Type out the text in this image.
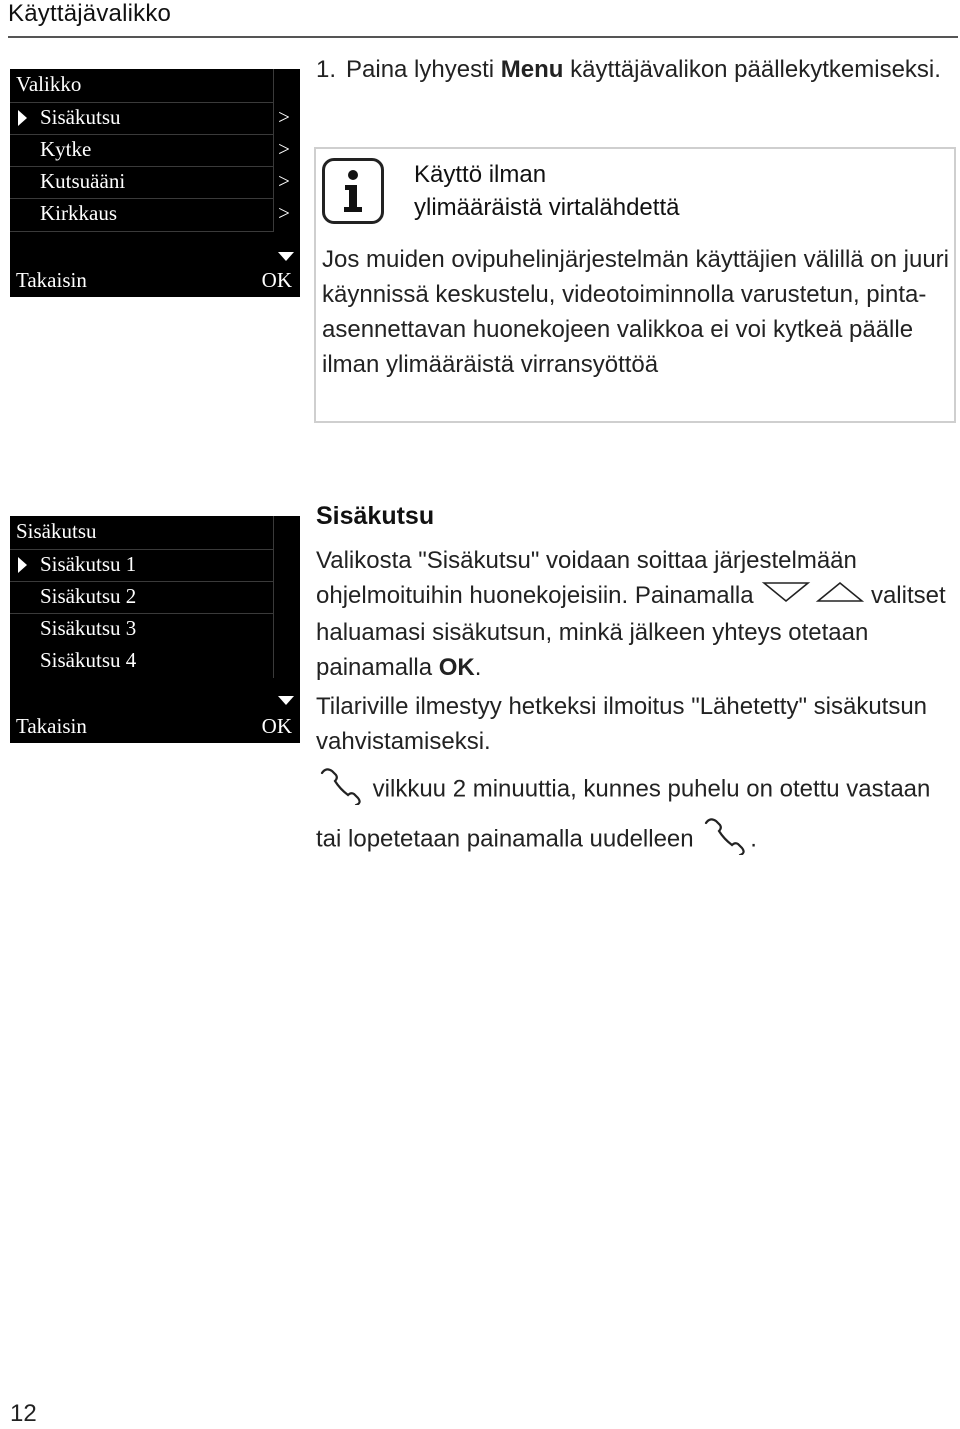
Käyttäjävalikko
Valikko
Sisäkutsu	>
Kytke	>
Kutsuääni	>
Kirkkaus	>
Takaisin	OK
1. Paina lyhyesti Menu käyttäjävalikon päällekytkemiseksi.
Käyttö ilman
ylimääräistä virtalähdettä
Jos muiden ovipuhelinjärjestelmän käyttäjien välillä on juuri käynnissä keskustelu, videotoiminnolla varustetun, pinta-asennettavan huonekojeen valikkoa ei voi kytkeä päälle ilman ylimääräistä virransyöttöä
Sisäkutsu
Sisäkutsu 1
Sisäkutsu 2
Sisäkutsu 3
Sisäkutsu 4
Takaisin	OK
Sisäkutsu
Valikosta "Sisäkutsu" voidaan soittaa järjestelmään ohjelmoituihin huonekojeisiin. Painamalla	valitset haluamasi sisäkutsun, minkä jälkeen yhteys otetaan painamalla OK.
Tilariville ilmestyy hetkeksi ilmoitus "Lähetetty" sisäkutsun vahvistamiseksi.
vilkkuu 2 minuuttia, kunnes puhelu on otettu vastaan tai lopetetaan painamalla uudelleen .
12
